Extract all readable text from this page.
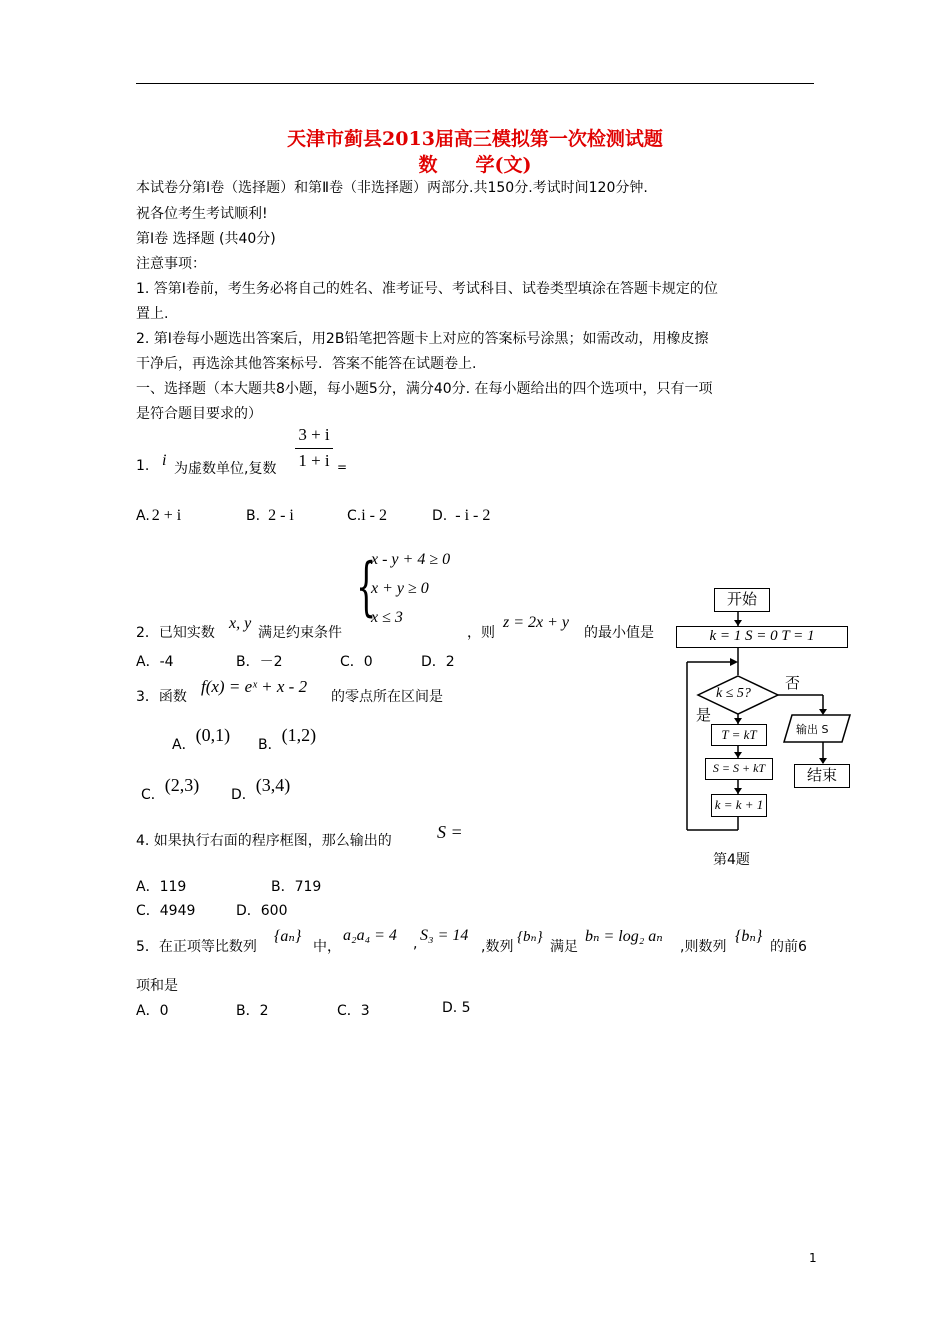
天津市蓟县2013届高三模拟第一次检测试题
数　　学(文)
本试卷分第Ⅰ卷（选择题）和第Ⅱ卷（非选择题）两部分.共150分.考试时间120分钟.
祝各位考生考试顺利!
第Ⅰ卷 选择题 (共40分)
注意事项：
1. 答第Ⅰ卷前，考生务必将自己的姓名、准考证号、考试科目、试卷类型填涂在答题卡规定的位
置上.
2. 第Ⅰ卷每小题选出答案后，用2B铅笔把答题卡上对应的答案标号涂黑；如需改动，用橡皮擦
干净后，再选涂其他答案标号．答案不能答在试题卷上.
一、选择题（本大题共8小题，每小题5分，满分40分. 在每小题给出的四个选项中，只有一项
是符合题目要求的）
1. i 为虚数单位,复数
3 + i
1 + i =
A. 2 + i	B. 2 - i	C.i - 2	D. - i - 2
{
x - y + 4 ≥ 0
x + y ≥ 0
x ≤ 3
2．已知实数
x, y
满足约束条件	，则
z = 2x + y
的最小值是
A．-4	B．－2	C．0	D．2
3．函数
f(x) = eˣ + x - 2
的零点所在区间是
A．(0,1) B．(1,2)
C．(2,3) D．(3,4)
4. 如果执行右面的程序框图，那么输出的	S =
A．119	B．719
C．4949	D．600
开始
k = 1 S = 0 T = 1
k ≤ 5?
否
是
T = kT
S = S + kT
k = k + 1
输出 S
结束
第4题
5．在正项等比数列
{aₙ}
中，
a₂a₄ = 4 , S₃ = 14
,数列
{bₙ}
满足
bₙ = log₂ aₙ
,则数列
{bₙ}
的前6
项和是
A．0	B．2	C．3	D. 5
1
